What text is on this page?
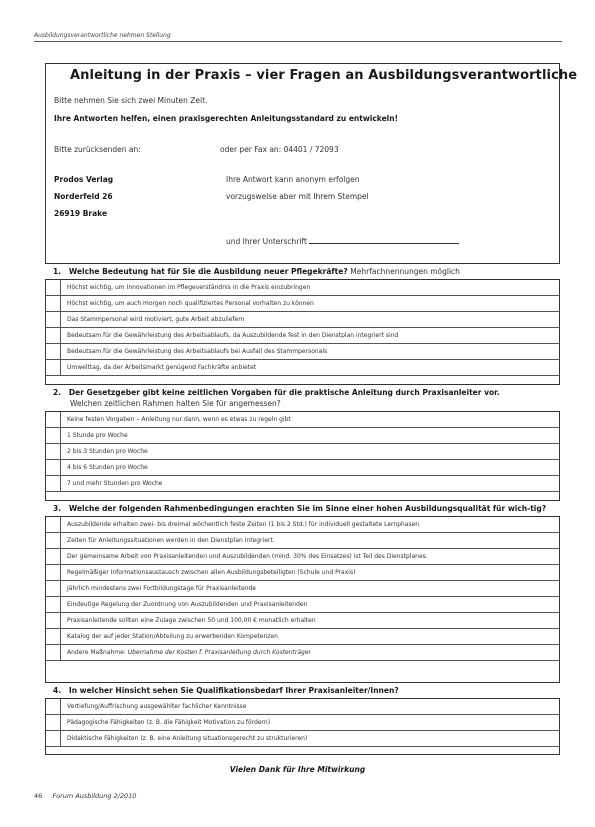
Ausbildungsverantwortliche nehmen Stellung
Anleitung in der Praxis – vier Fragen an Ausbildungsverantwortliche
Bitte nehmen Sie sich zwei Minuten Zeit.
Ihre Antworten helfen, einen praxisgerechten Anleitungsstandard zu entwickeln!
Bitte zurücksenden an:	oder per Fax an: 04401 / 72093
Prodos Verlag
Norderfeld 26
26919 Brake
Ihre Antwort kann anonym erfolgen
vorzugsweise aber mit Ihrem Stempel
und Ihrer Unterschrift
1. Welche Bedeutung hat für Sie die Ausbildung neuer Pflegekräfte? Mehrfachnennungen möglich
Höchst wichtig, um Innovationen im Pflegeverständnis in die Praxis einzubringen
Höchst wichtig, um auch morgen noch qualifiziertes Personal vorhalten zu können
Das Stammpersonal wird motiviert, gute Arbeit abzuliefern
Bedeutsam für die Gewährleistung des Arbeitsablaufs, da Auszubildende fest in den Dienstplan integriert sind
Bedeutsam für die Gewährleistung des Arbeitsablaufs bei Ausfall des Stammpersonals
Umwelttag, da der Arbeitsmarkt genügend Fachkräfte anbietet
2. Der Gesetzgeber gibt keine zeitlichen Vorgaben für die praktische Anleitung durch Praxisanleiter vor.
Welchen zeitlichen Rahmen halten Sie für angemessen?
Keine festen Vorgaben – Anleitung nur dann, wenn es etwas zu regeln gibt
1 Stunde pro Woche
2 bis 3 Stunden pro Woche
4 bis 6 Stunden pro Woche
7 und mehr Stunden pro Woche
3. Welche der folgenden Rahmenbedingungen erachten Sie im Sinne einer hohen Ausbildungsqualität für wich-tig?
Auszubildende erhalten zwei- bis dreimal wöchentlich feste Zeiten (1 bis 2 Std.) für individuell gestaltete Lernphasen
Zeiten für Anleitungssituationen werden in den Dienstplan integriert.
Der gemeinsame Arbeit von Praxisanleitenden und Auszubildenden (mind. 30% des Einsatzes) ist Teil des Dienstplanes.
Regelmäßiger Informationsaustausch zwischen allen Ausbildungsbeteiligten (Schule und Praxis)
Jährlich mindestens zwei Fortbildungstage für Praxisanleitende
Eindeutige Regelung der Zuordnung von Auszubildenden und Praxisanleitenden
Praxisanleitende sollten eine Zulage zwischen 50 und 100,00 € monatlich erhalten
Katalog der auf jeder Station/Abteilung zu erwerbenden Kompetenzen
Andere Maßnahme: Übernahme der Kosten f. Praxisanleitung durch Kostenträger
4. In welcher Hinsicht sehen Sie Qualifikationsbedarf Ihrer Praxisanleiter/Innen?
Vertiefung/Auffrischung ausgewählter fachlicher Kenntnisse
Pädagogische Fähigkeiten (z. B. die Fähigkeit Motivation zu fördern)
Didaktische Fähigkeiten (z. B. eine Anleitung situationsgerecht zu strukturieren)
Vielen Dank für Ihre Mitwirkung
46 Forum Ausbildung 2/2010
